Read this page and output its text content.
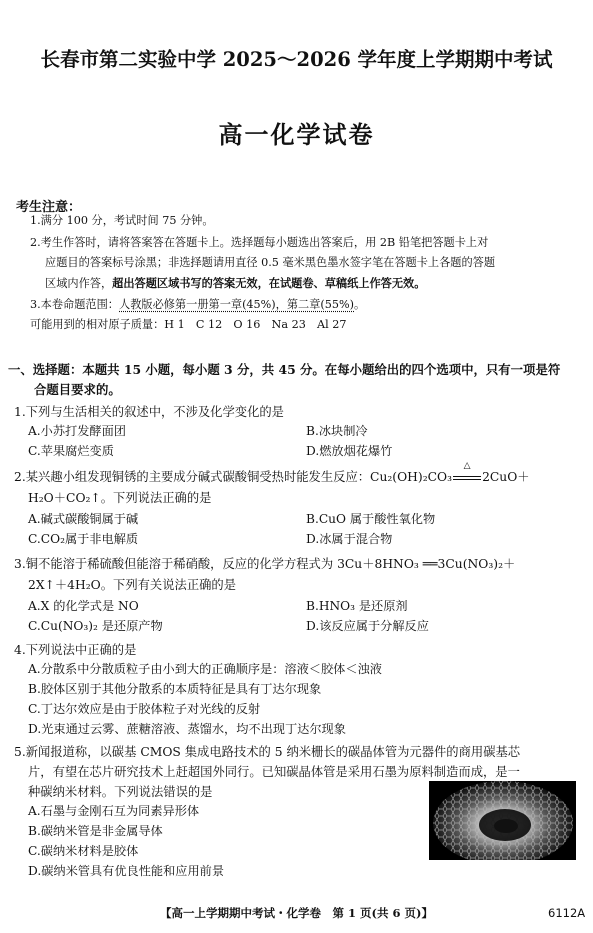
长春市第二实验中学 2025～2026 学年度上学期期中考试
高一化学试卷
考生注意：
1.满分 100 分，考试时间 75 分钟。
2.考生作答时，请将答案答在答题卡上。选择题每小题选出答案后，用 2B 铅笔把答题卡上对
应题目的答案标号涂黑；非选择题请用直径 0.5 毫米黑色墨水签字笔在答题卡上各题的答题
区域内作答，超出答题区域书写的答案无效，在试题卷、草稿纸上作答无效。
3.本卷命题范围：人教版必修第一册第一章(45%)，第二章(55%)。
可能用到的相对原子质量：H 1　C 12　O 16　Na 23　Al 27
一、选择题：本题共 15 小题，每小题 3 分，共 45 分。在每小题给出的四个选项中，只有一项是符
合题目要求的。
1.下列与生活相关的叙述中，不涉及化学变化的是
A.小苏打发酵面团	B.冰块制冷
C.苹果腐烂变质	D.燃放烟花爆竹
2.某兴趣小组发现铜锈的主要成分碱式碳酸铜受热时能发生反应：Cu₂(OH)₂CO₃
△
2CuO＋
H₂O＋CO₂↑。下列说法正确的是
A.碱式碳酸铜属于碱	B.CuO 属于酸性氧化物
C.CO₂属于非电解质	D.冰属于混合物
3.铜不能溶于稀硫酸但能溶于稀硝酸，反应的化学方程式为 3Cu＋8HNO₃ ══3Cu(NO₃)₂＋
2X↑＋4H₂O。下列有关说法正确的是
A.X 的化学式是 NO	B.HNO₃ 是还原剂
C.Cu(NO₃)₂ 是还原产物	D.该反应属于分解反应
4.下列说法中正确的是
A.分散系中分散质粒子由小到大的正确顺序是：溶液＜胶体＜浊液
B.胶体区别于其他分散系的本质特征是具有丁达尔现象
C.丁达尔效应是由于胶体粒子对光线的反射
D.光束通过云雾、蔗糖溶液、蒸馏水，均不出现丁达尔现象
5.新闻报道称，以碳基 CMOS 集成电路技术的 5 纳米栅长的碳晶体管为元器件的商用碳基芯
片，有望在芯片研究技术上赶超国外同行。已知碳晶体管是采用石墨为原料制造而成，是一
种碳纳米材料。下列说法错误的是
A.石墨与金刚石互为同素异形体
B.碳纳米管是非金属导体
C.碳纳米材料是胶体
D.碳纳米管具有优良性能和应用前景
【高一上学期期中考试・化学卷　第 1 页(共 6 页)】	6112A
